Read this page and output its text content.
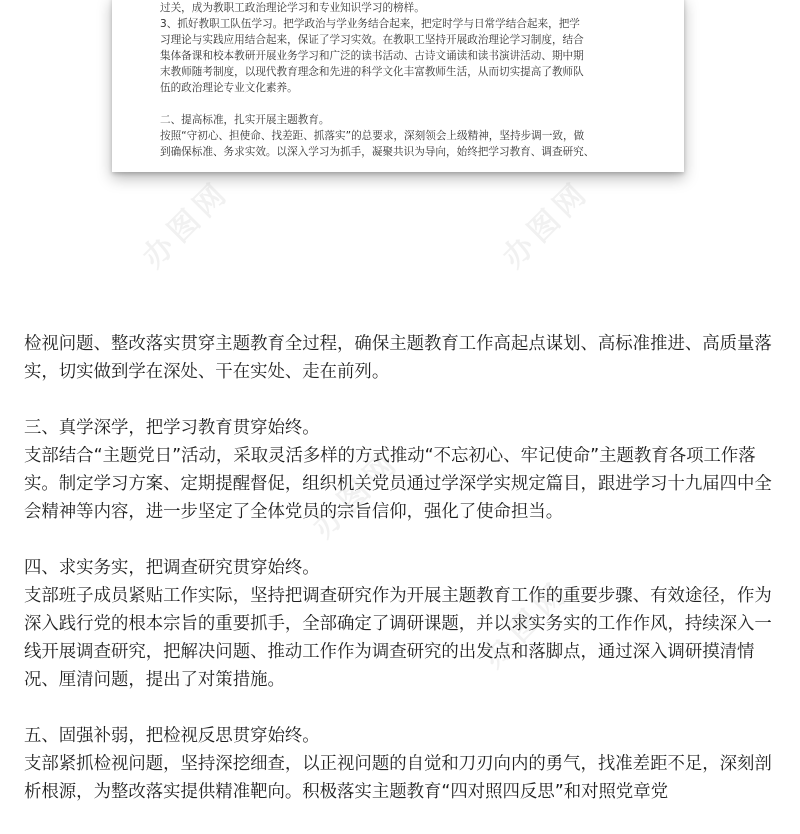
过关，成为教职工政治理论学习和专业知识学习的榜样。

3、抓好教职工队伍学习。把学政治与学业务结合起来，把定时学与日常学结合起来，把学

习理论与实践应用结合起来，保证了学习实效。在教职工坚持开展政治理论学习制度，结合

集体备课和校本教研开展业务学习和广泛的读书活动、古诗文诵读和读书演讲活动、期中期

末教师随考制度，以现代教育理念和先进的科学文化丰富教师生活，从而切实提高了教师队

伍的政治理论专业文化素养。

二、提高标准，扎实开展主题教育。

按照“守初心、担使命、找差距、抓落实”的总要求，深刻领会上级精神，坚持步调一致，做

到确保标准、务求实效。以深入学习为抓手，凝聚共识为导向，始终把学习教育、调查研究、

办图网	办图网
办图网
办图网

检视问题、整改落实贯穿主题教育全过程，确保主题教育工作高起点谋划、高标准推进、高质量落实，切实做到学在深处、干在实处、走在前列。

三、真学深学，把学习教育贯穿始终。

支部结合“主题党日”活动，采取灵活多样的方式推动“不忘初心、牢记使命”主题教育各项工作落实。制定学习方案、定期提醒督促，组织机关党员通过学深学实规定篇目，跟进学习十九届四中全会精神等内容，进一步坚定了全体党员的宗旨信仰，强化了使命担当。

四、求实务实，把调查研究贯穿始终。

支部班子成员紧贴工作实际，坚持把调查研究作为开展主题教育工作的重要步骤、有效途径，作为深入践行党的根本宗旨的重要抓手，全部确定了调研课题，并以求实务实的工作作风，持续深入一线开展调查研究，把解决问题、推动工作作为调查研究的出发点和落脚点，通过深入调研摸清情况、厘清问题，提出了对策措施。

五、固强补弱，把检视反思贯穿始终。

支部紧抓检视问题，坚持深挖细查，以正视问题的自觉和刀刃向内的勇气，找准差距不足，深刻剖析根源，为整改落实提供精准靶向。积极落实主题教育“四对照四反思”和对照党章党
